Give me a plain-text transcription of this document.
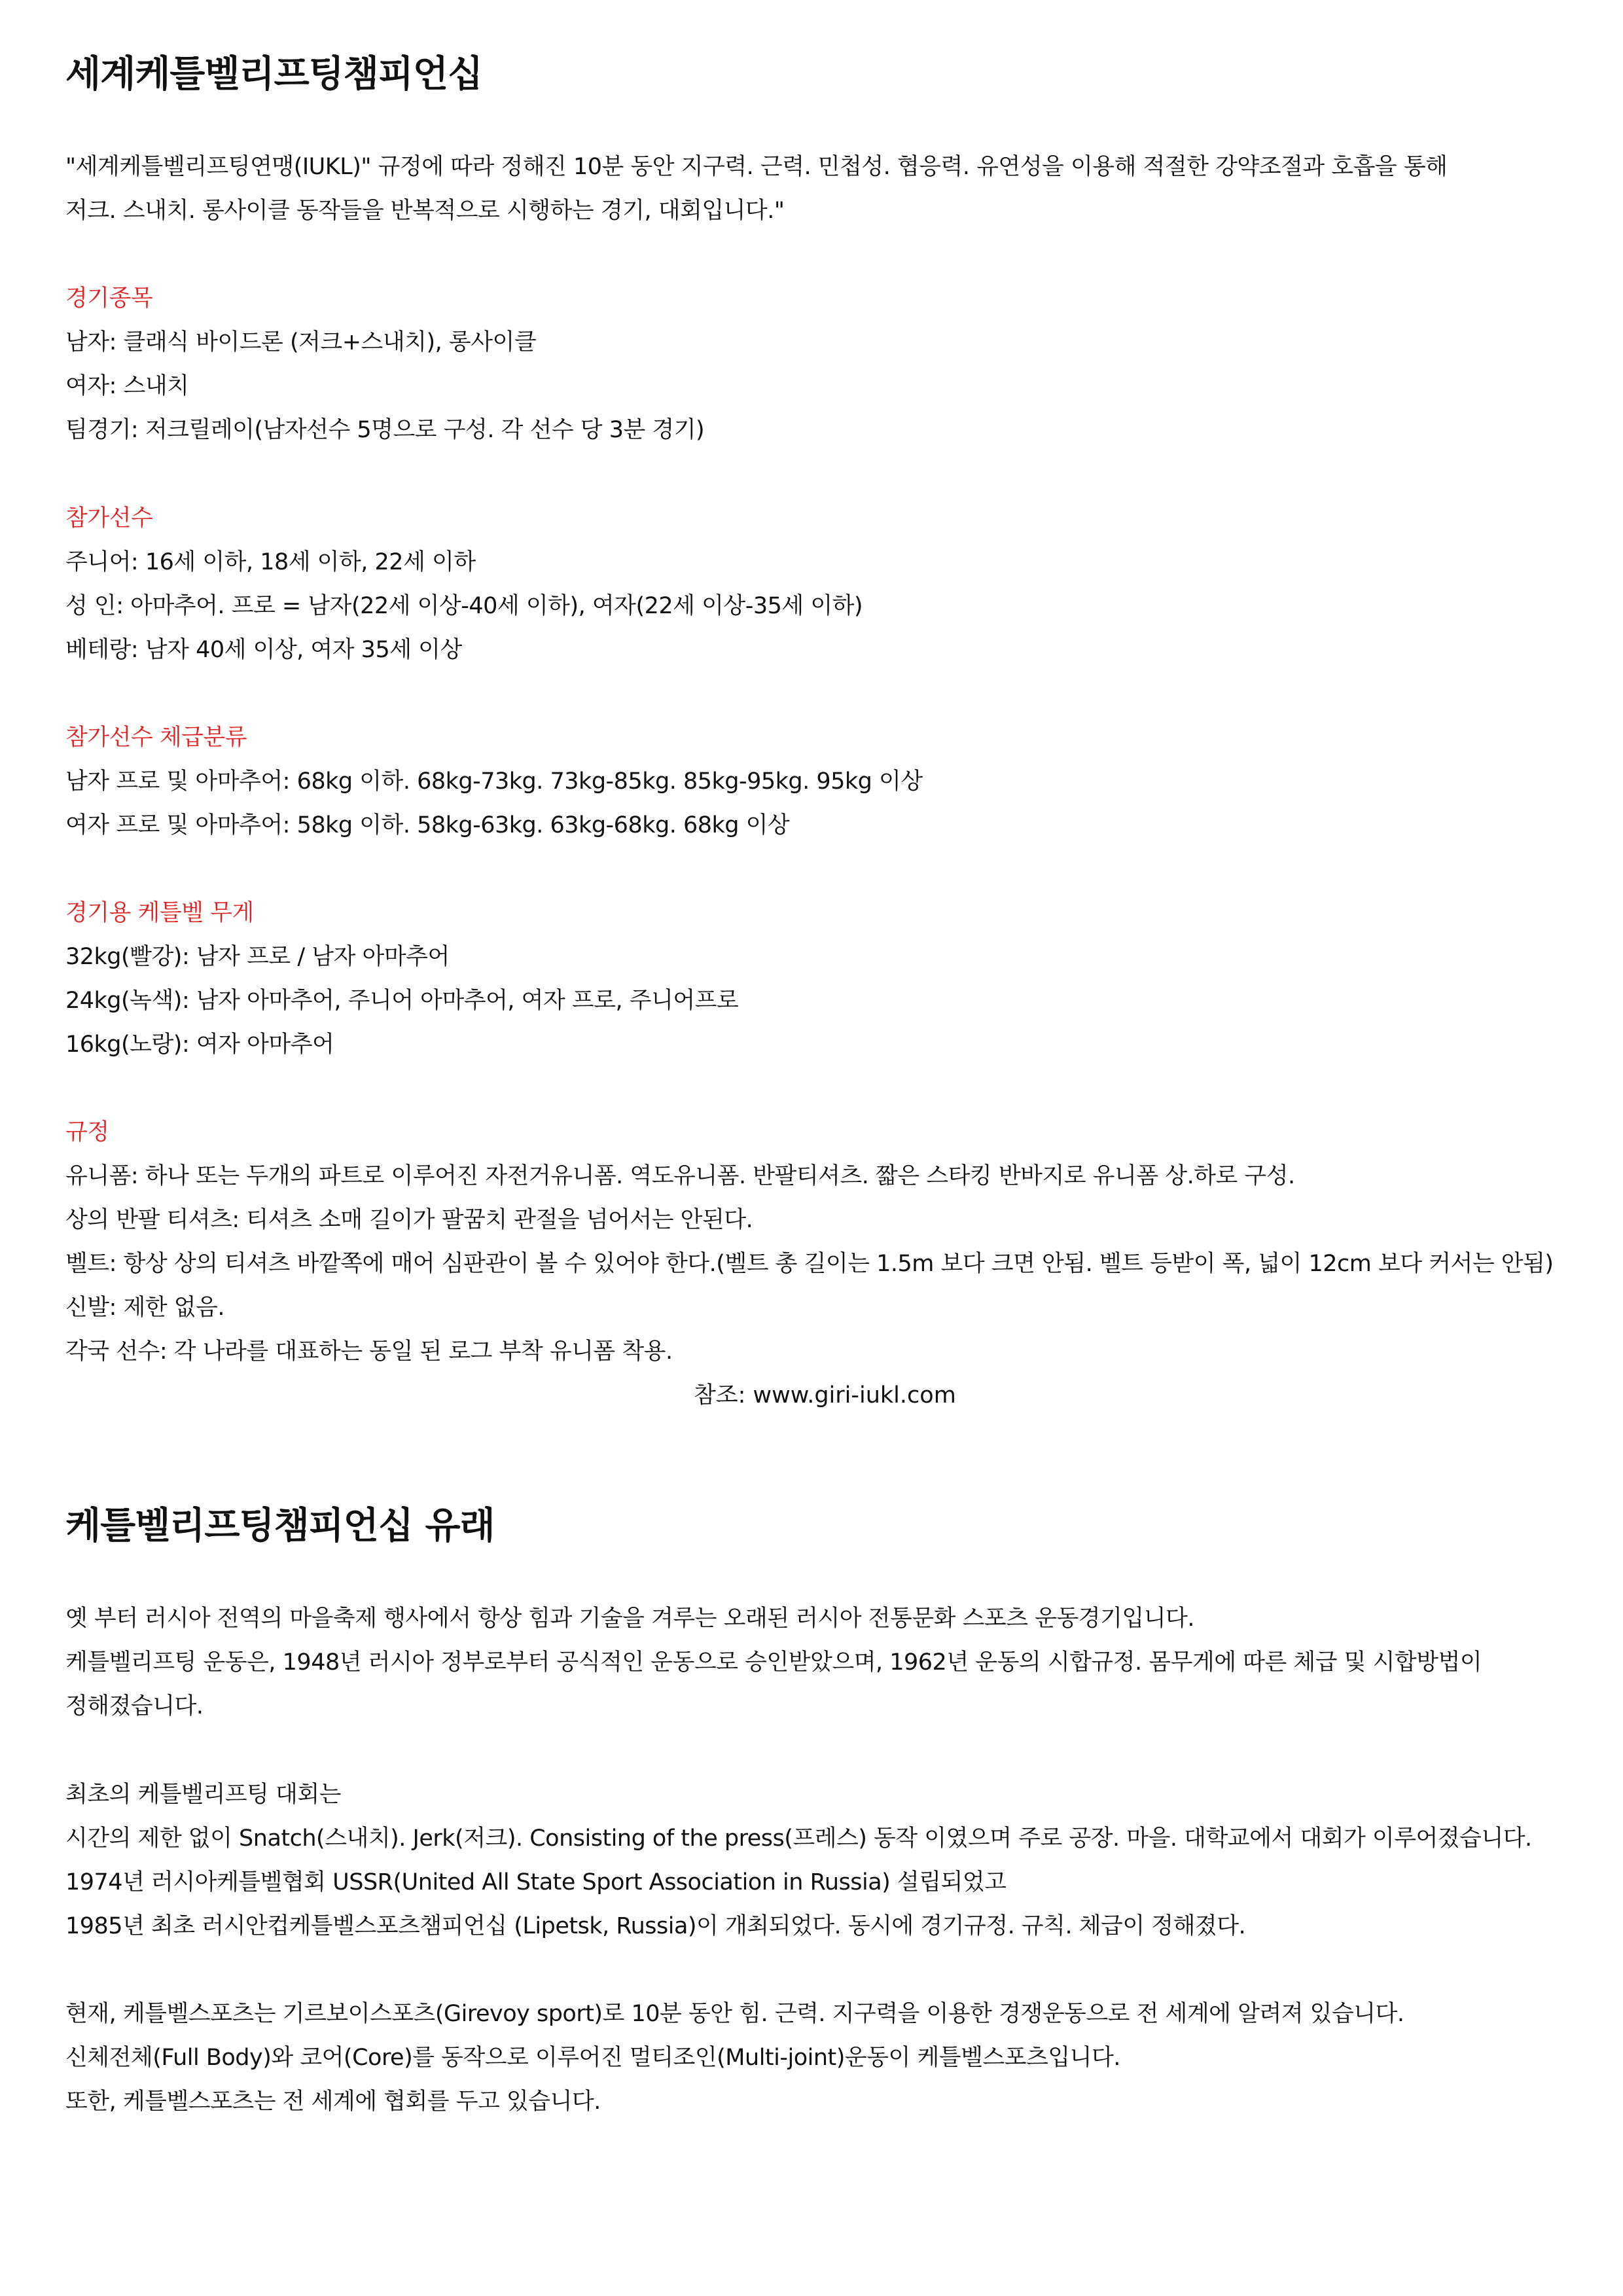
세계케틀벨리프팅챔피언십

"세계케틀벨리프팅연맹(IUKL)" 규정에 따라 정해진 10분 동안 지구력. 근력. 민첩성. 협응력. 유연성을 이용해 적절한 강약조절과 호흡을 통해

저크. 스내치. 롱사이클 동작들을 반복적으로 시행하는 경기, 대회입니다."

경기종목

남자: 클래식 바이드론 (저크+스내치), 롱사이클

여자: 스내치

팀경기: 저크릴레이(남자선수 5명으로 구성. 각 선수 당 3분 경기)

참가선수

주니어: 16세 이하, 18세 이하, 22세 이하

성 인: 아마추어. 프로 = 남자(22세 이상-40세 이하), 여자(22세 이상-35세 이하)

베테랑: 남자 40세 이상, 여자 35세 이상

참가선수 체급분류

남자 프로 및 아마추어: 68kg 이하. 68kg-73kg. 73kg-85kg. 85kg-95kg. 95kg 이상

여자 프로 및 아마추어: 58kg 이하. 58kg-63kg. 63kg-68kg. 68kg 이상

경기용 케틀벨 무게

32kg(빨강): 남자 프로 / 남자 아마추어

24kg(녹색): 남자 아마추어, 주니어 아마추어, 여자 프로, 주니어프로

16kg(노랑): 여자 아마추어

규정

유니폼: 하나 또는 두개의 파트로 이루어진 자전거유니폼. 역도유니폼. 반팔티셔츠. 짧은 스타킹 반바지로 유니폼 상.하로 구성.

상의 반팔 티셔츠: 티셔츠 소매 길이가 팔꿈치 관절을 넘어서는 안된다.

벨트: 항상 상의 티셔츠 바깥쪽에 매어 심판관이 볼 수 있어야 한다.(벨트 총 길이는 1.5m 보다 크면 안됨. 벨트 등받이 폭, 넓이 12cm 보다 커서는 안됨)

신발: 제한 없음.

각국 선수: 각 나라를 대표하는 동일 된 로그 부착 유니폼 착용.

참조: www.giri-iukl.com
케틀벨리프팅챔피언십 유래

옛 부터 러시아 전역의 마을축제 행사에서 항상 힘과 기술을 겨루는 오래된 러시아 전통문화 스포츠 운동경기입니다.

케틀벨리프팅 운동은, 1948년 러시아 정부로부터 공식적인 운동으로 승인받았으며, 1962년 운동의 시합규정. 몸무게에 따른 체급 및 시합방법이

정해졌습니다.

최초의 케틀벨리프팅 대회는

시간의 제한 없이 Snatch(스내치). Jerk(저크). Consisting of the press(프레스) 동작 이였으며 주로 공장. 마을. 대학교에서 대회가 이루어졌습니다.

1974년 러시아케틀벨협회 USSR(United All State Sport Association in Russia) 설립되었고

1985년 최초 러시안컵케틀벨스포츠챔피언십 (Lipetsk, Russia)이 개최되었다. 동시에 경기규정. 규칙. 체급이 정해졌다.

현재, 케틀벨스포츠는 기르보이스포츠(Girevoy sport)로 10분 동안 힘. 근력. 지구력을 이용한 경쟁운동으로 전 세계에 알려져 있습니다.

신체전체(Full Body)와 코어(Core)를 동작으로 이루어진 멀티조인(Multi-joint)운동이 케틀벨스포츠입니다.

또한, 케틀벨스포츠는 전 세계에 협회를 두고 있습니다.
